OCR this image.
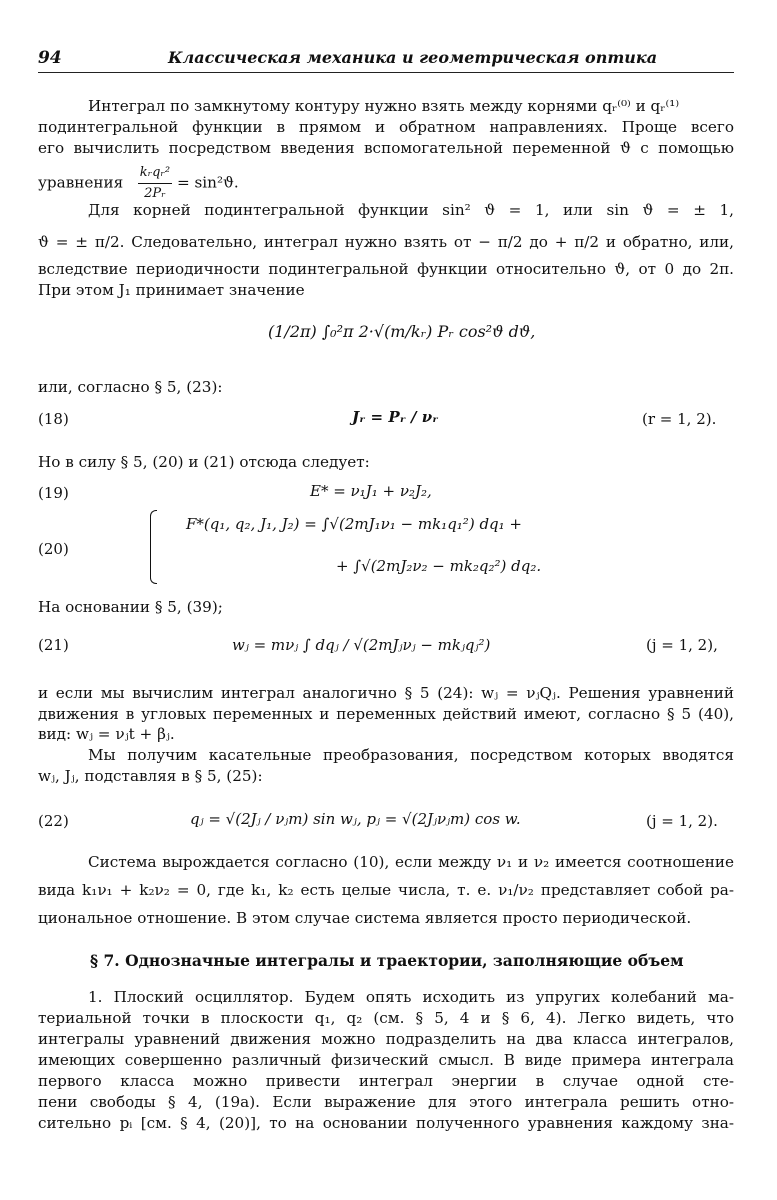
94	Классическая механика и геометрическая оптика
Интеграл по замкнутому контуру нужно взять между корнями qᵣ⁽⁰⁾ и qᵣ⁽¹⁾
подинтегральной функции в прямом и обратном направлениях. Проще всего
его вычислить посредством введения вспомогательной переменной ϑ с помощью
уравнения $\frac{\text{kᵣqᵣ²}}{\text{2Pᵣ}} = \sin^2ϑ$.
Для корней подинтегральной функции sin² ϑ = 1, или sin ϑ = ± 1,
ϑ = ± π/2. Следовательно, интеграл нужно взять от − π/2 до + π/2 и обратно, или,
вследствие периодичности подинтегральной функции относительно ϑ, от 0 до 2π.
При этом J₁ принимает значение
(1/2π) ∫₀²π 2·√(m/kᵣ) Pᵣ cos²ϑ dϑ,
или, согласно § 5, (23):
(18)	Jᵣ = Pᵣ / νᵣ	(r = 1, 2).
Но в силу § 5, (20) и (21) отсюда следует:
(19)	E* = ν₁J₁ + ν₂J₂,
(20)
F*(q₁, q₂, J₁, J₂) = ∫√(2mJ₁ν₁ − mk₁q₁²) dq₁ +
+ ∫√(2mJ₂ν₂ − mk₂q₂²) dq₂.
На основании § 5, (39);
(21)	wⱼ = mνⱼ ∫ dqⱼ / √(2mJⱼνⱼ − mkⱼqⱼ²)	(j = 1, 2),
и если мы вычислим интеграл аналогично § 5 (24): wⱼ = νⱼQⱼ. Решения уравнений
движения в угловых переменных и переменных действий имеют, согласно § 5 (40),
вид: wⱼ = νⱼt + βⱼ.
Мы получим касательные преобразования, посредством которых вводятся
wⱼ, Jⱼ, подставляя в § 5, (25):
(22)	qⱼ = √(2Jⱼ / νⱼm) sin wⱼ, pⱼ = √(2Jⱼνⱼm) cos w.	(j = 1, 2).
Система вырождается согласно (10), если между ν₁ и ν₂ имеется соотношение
вида k₁ν₁ + k₂ν₂ = 0, где k₁, k₂ есть целые числа, т. е. ν₁/ν₂ представляет собой ра-
циональное отношение. В этом случае система является просто периодической.
§ 7. Однозначные интегралы и траектории, заполняющие объем
1. Плоский осциллятор. Будем опять исходить из упругих колебаний ма-
териальной точки в плоскости q₁, q₂ (см. § 5, 4 и § 6, 4). Легко видеть, что
интегралы уравнений движения можно подразделить на два класса интегралов,
имеющих совершенно различный физический смысл. В виде примера интеграла
первого класса можно привести интеграл энергии в случае одной сте-
пени свободы § 4, (19a). Если выражение для этого интеграла решить отно-
сительно pᵢ [см. § 4, (20)], то на основании полученного уравнения каждому зна-
